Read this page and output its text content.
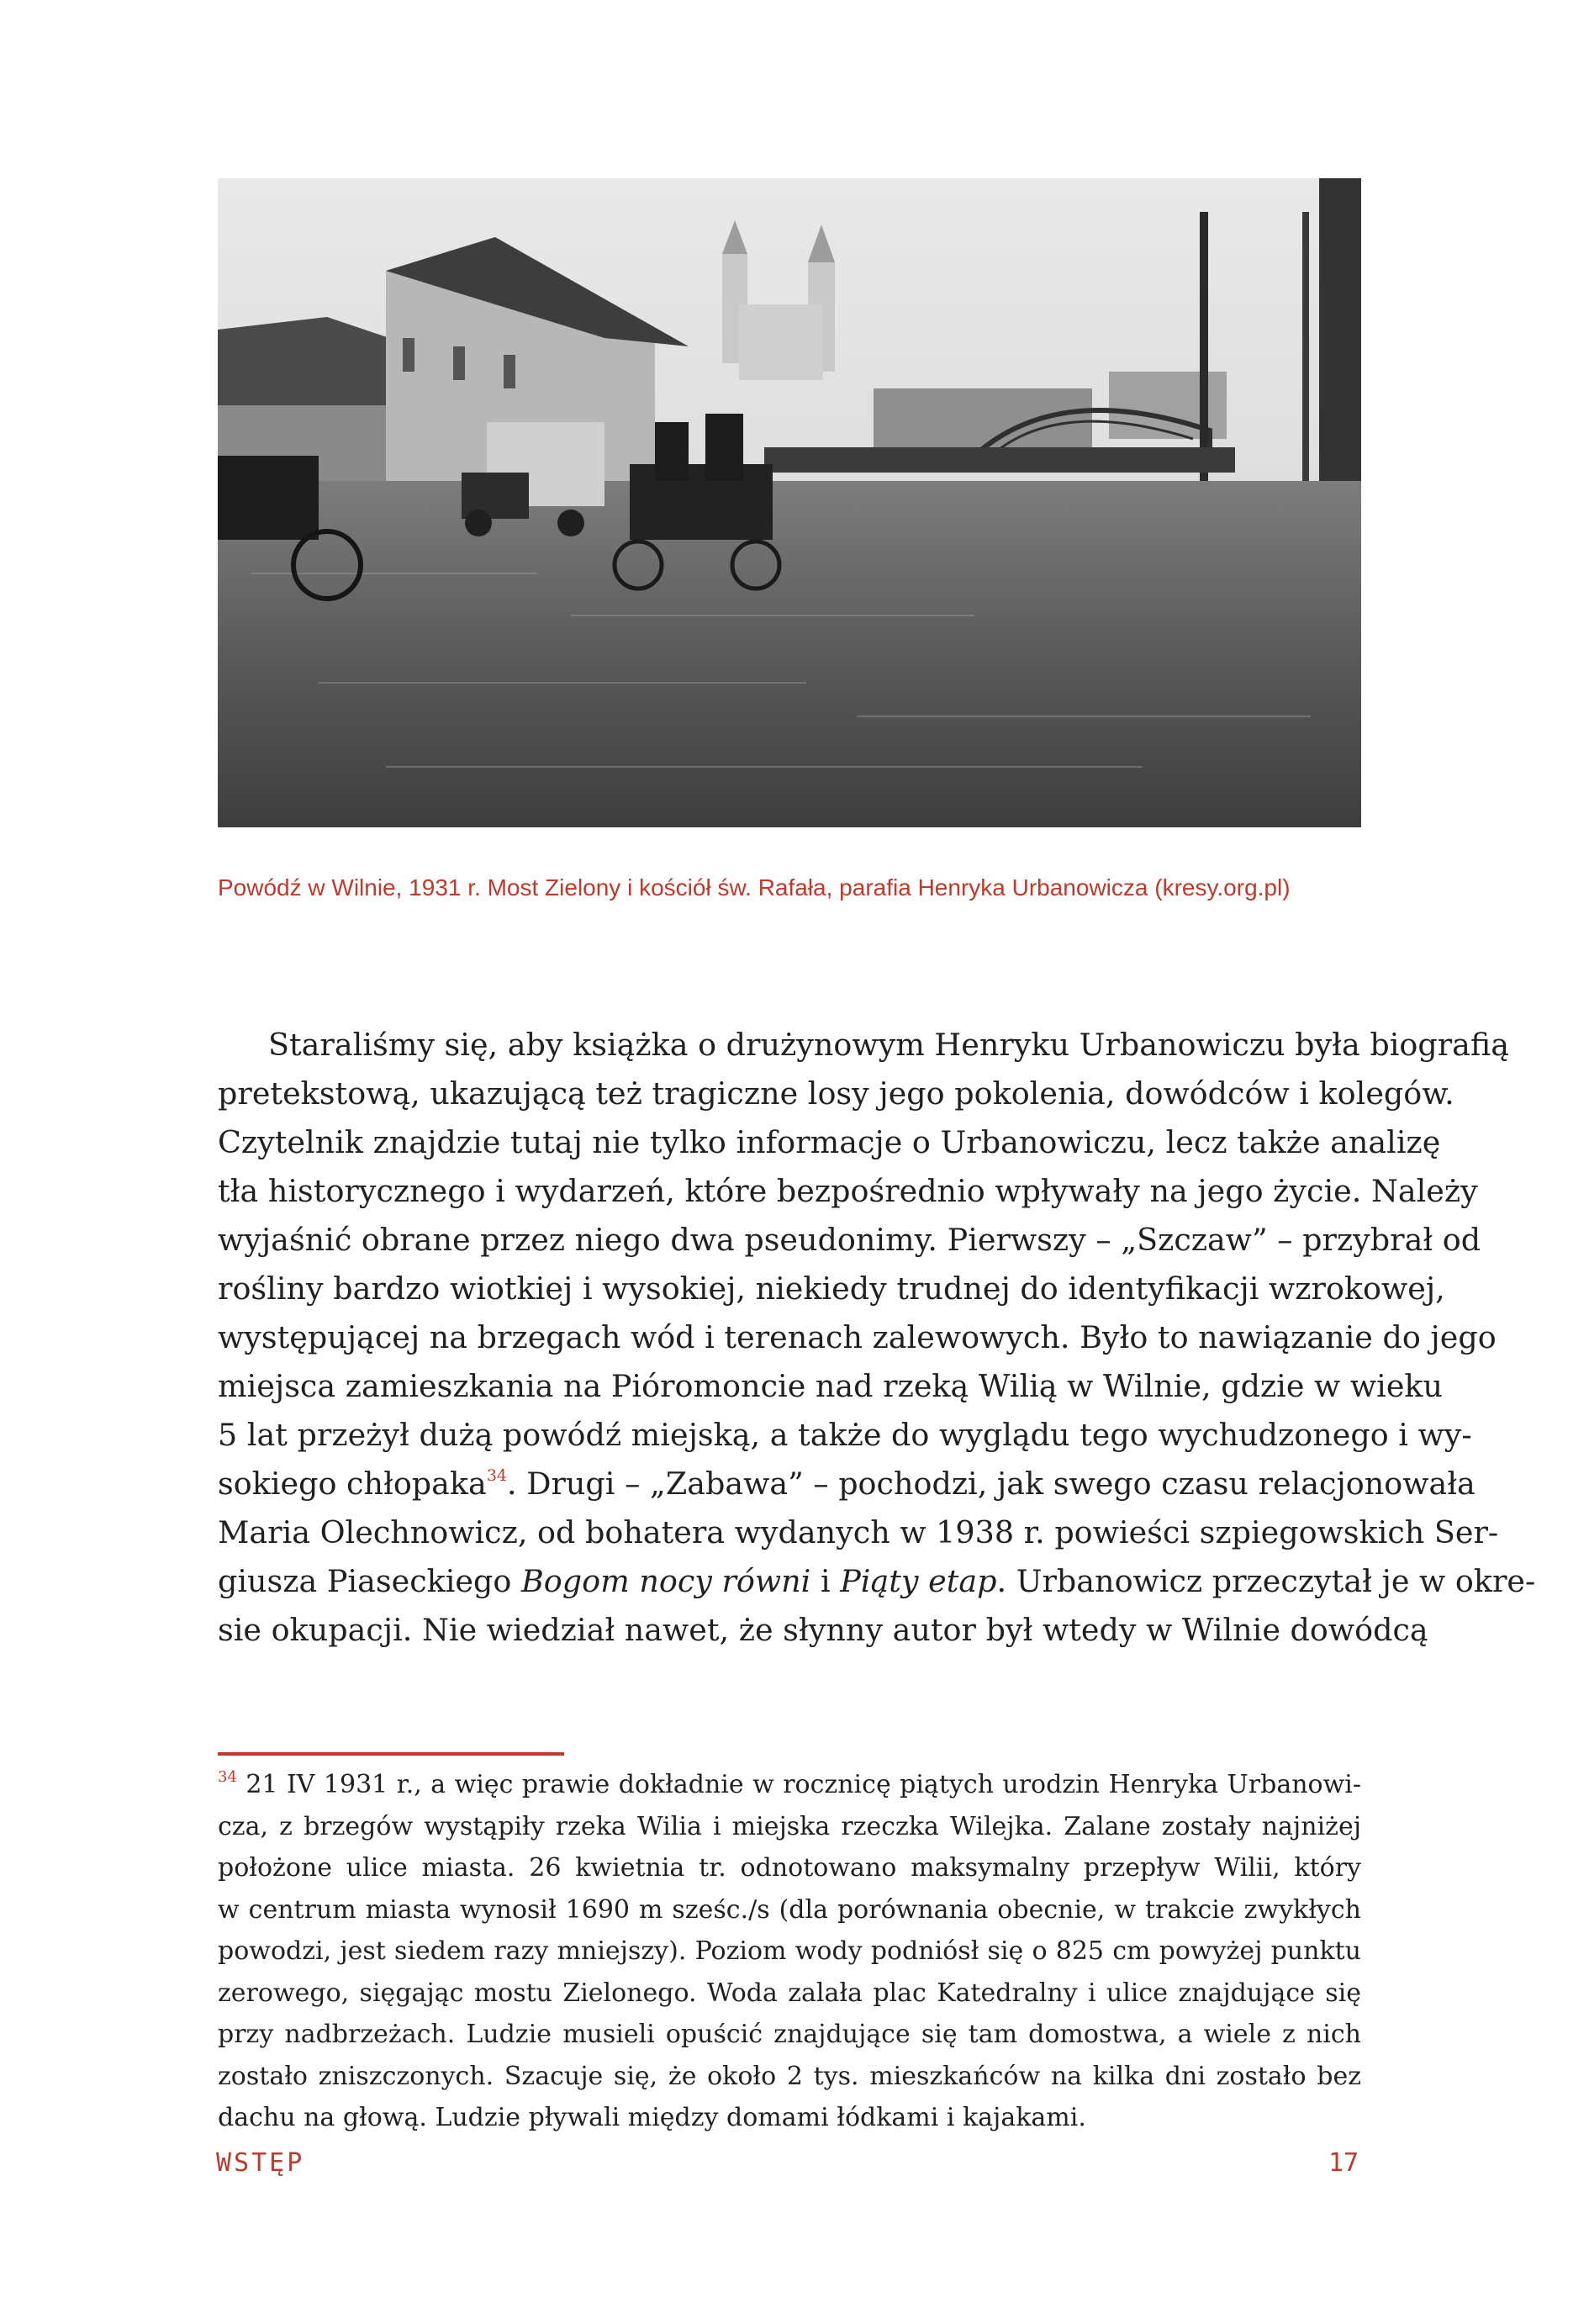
Powódź w Wilnie, 1931 r. Most Zielony i kościół św. Rafała, parafia Henryka Urbanowicza (kresy.org.pl)
Staraliśmy się, aby książka o drużynowym Henryku Urbanowiczu była biografią
pretekstową, ukazującą też tragiczne losy jego pokolenia, dowódców i kolegów.
Czytelnik znajdzie tutaj nie tylko informacje o Urbanowiczu, lecz także analizę
tła historycznego i wydarzeń, które bezpośrednio wpływały na jego życie. Należy
wyjaśnić obrane przez niego dwa pseudonimy. Pierwszy – „Szczaw” – przybrał od
rośliny bardzo wiotkiej i wysokiej, niekiedy trudnej do identyfikacji wzrokowej,
występującej na brzegach wód i terenach zalewowych. Było to nawiązanie do jego
miejsca zamieszkania na Pióromoncie nad rzeką Wilią w Wilnie, gdzie w wieku
5 lat przeżył dużą powódź miejską, a także do wyglądu tego wychudzonego i wy-
sokiego chłopaka$^{34}$. Drugi – „Zabawa” – pochodzi, jak swego czasu relacjonowała
Maria Olechnowicz, od bohatera wydanych w 1938 r. powieści szpiegowskich Ser-
giusza Piaseckiego Bogom nocy równi i Piąty etap. Urbanowicz przeczytał je w okre-
sie okupacji. Nie wiedział nawet, że słynny autor był wtedy w Wilnie dowódcą
$^{34}$ 21 IV 1931 r., a więc prawie dokładnie w rocznicę piątych urodzin Henryka Urbanowi-
cza, z brzegów wystąpiły rzeka Wilia i miejska rzeczka Wilejka. Zalane zostały najniżej
położone ulice miasta. 26 kwietnia tr. odnotowano maksymalny przepływ Wilii, który
w centrum miasta wynosił 1690 m sześc./s (dla porównania obecnie, w trakcie zwykłych
powodzi, jest siedem razy mniejszy). Poziom wody podniósł się o 825 cm powyżej punktu
zerowego, sięgając mostu Zielonego. Woda zalała plac Katedralny i ulice znajdujące się
przy nadbrzeżach. Ludzie musieli opuścić znajdujące się tam domostwa, a wiele z nich
zostało zniszczonych. Szacuje się, że około 2 tys. mieszkańców na kilka dni zostało bez
dachu na głową. Ludzie pływali między domami łódkami i kajakami.
WSTĘP	17
